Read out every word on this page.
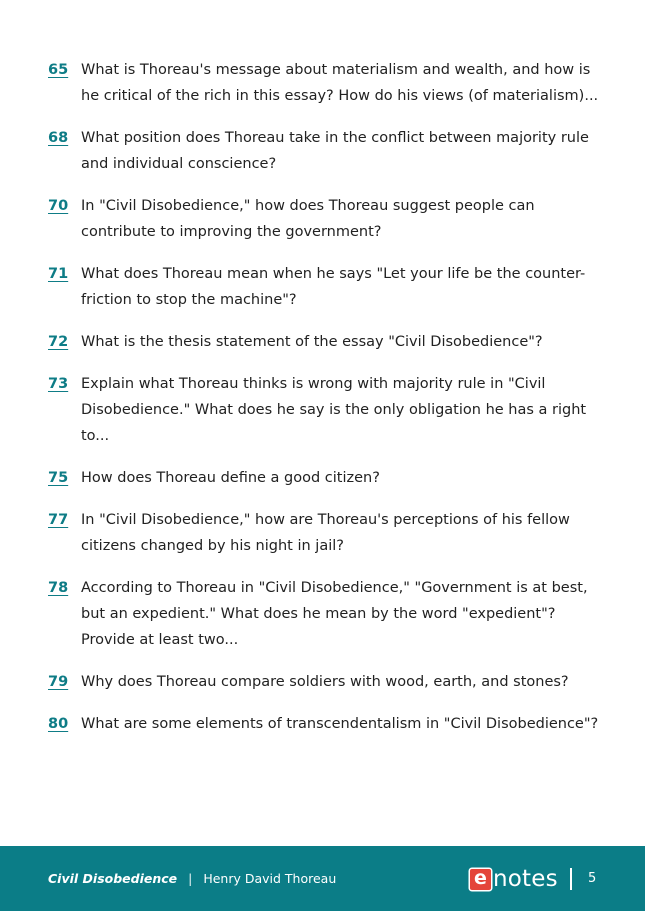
65 What is Thoreau's message about materialism and wealth, and how is he critical of the rich in this essay? How do his views (of materialism)...
68 What position does Thoreau take in the conflict between majority rule and individual conscience?
70 In "Civil Disobedience," how does Thoreau suggest people can contribute to improving the government?
71 What does Thoreau mean when he says "Let your life be the counter-friction to stop the machine"?
72 What is the thesis statement of the essay "Civil Disobedience"?
73 Explain what Thoreau thinks is wrong with majority rule in "Civil Disobedience." What does he say is the only obligation he has a right to...
75 How does Thoreau define a good citizen?
77 In "Civil Disobedience," how are Thoreau's perceptions of his fellow citizens changed by his night in jail?
78 According to Thoreau in "Civil Disobedience," "Government is at best, but an expedient." What does he mean by the word "expedient"? Provide at least two...
79 Why does Thoreau compare soldiers with wood, earth, and stones?
80 What are some elements of transcendentalism in "Civil Disobedience"?
Civil Disobedience | Henry David Thoreau	e notes 5
